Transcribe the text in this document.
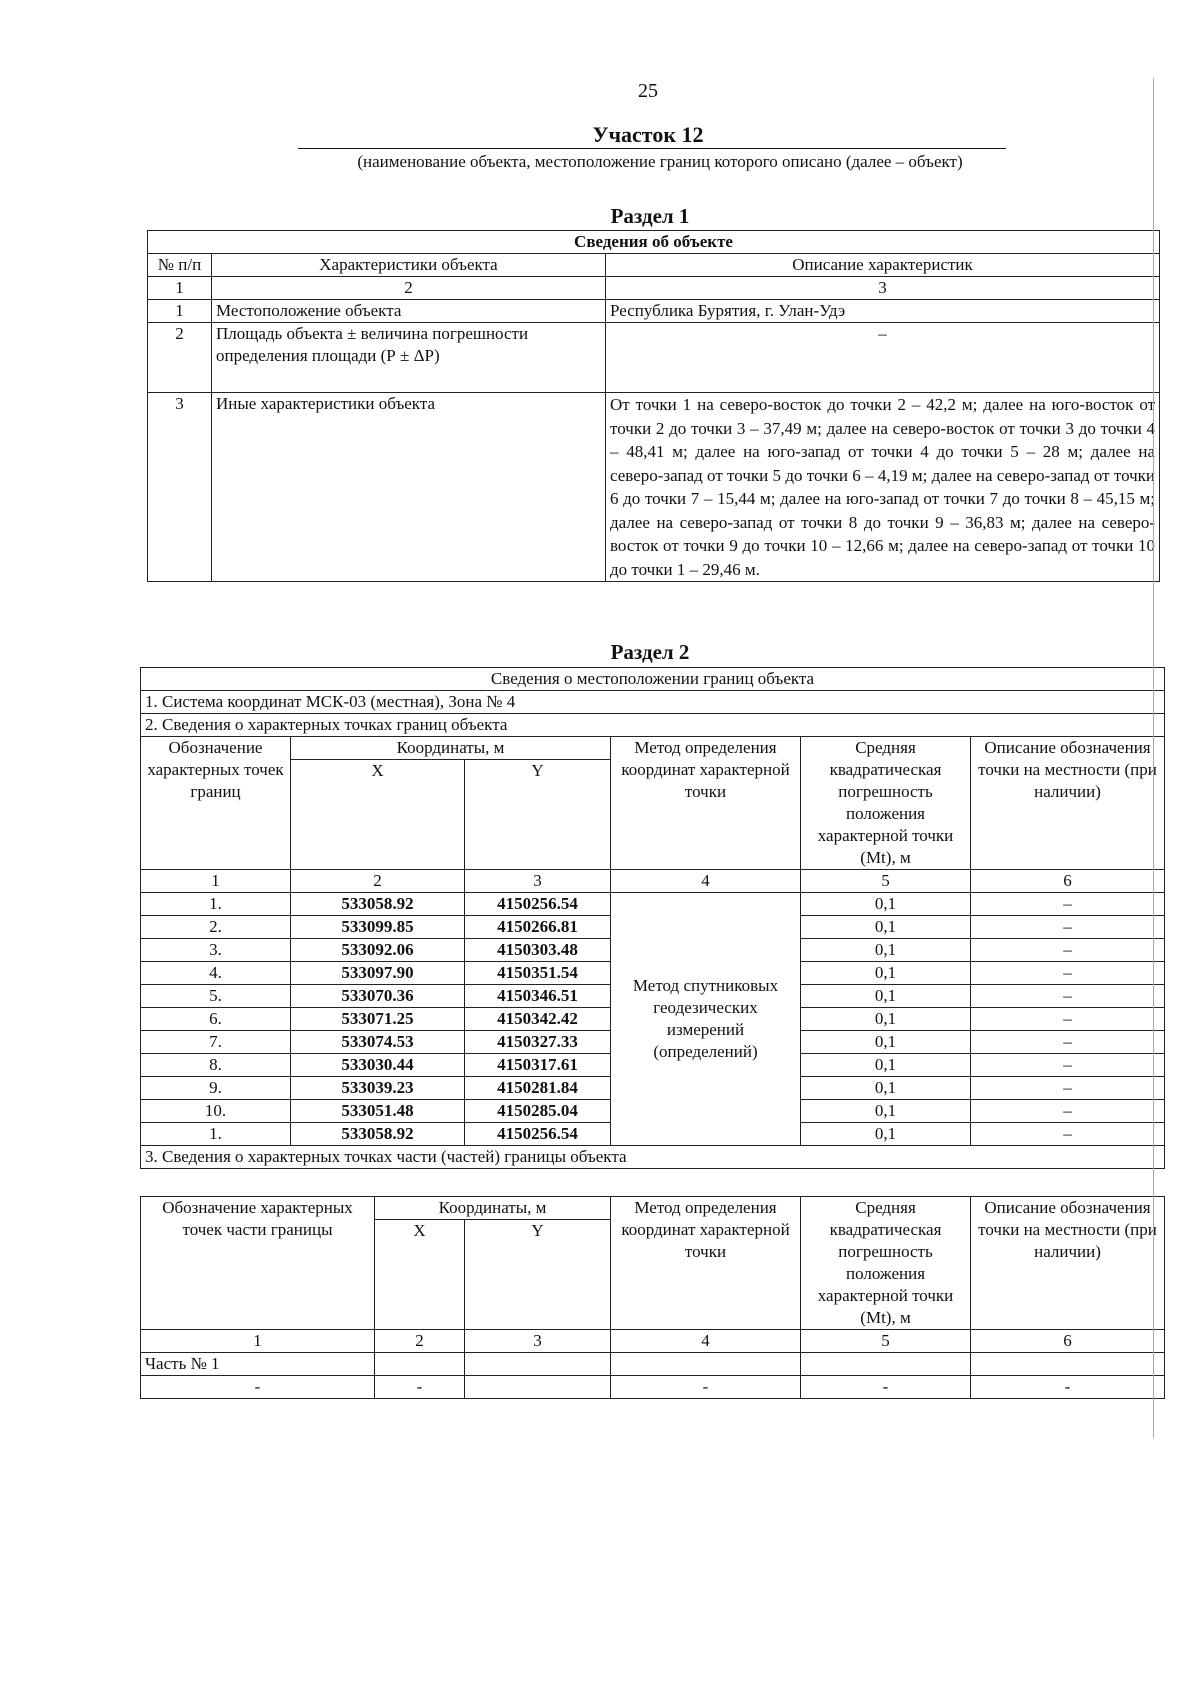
25
Участок 12
(наименование объекта, местоположение границ которого описано (далее – объект)
Раздел 1
Сведения об объекте		
№ п/п	Характеристики объекта	Описание характеристик
1	2	3
1	Местоположение объекта	Республика Бурятия, г. Улан-Удэ
2	Площадь объекта ± величина погрешности определения площади (Р ± ΔР)	–
3	Иные характеристики объекта	От точки 1 на северо-восток до точки 2 – 42,2 м; далее на юго-восток от точки 2 до точки 3 – 37,49 м; далее на северо-восток от точки 3 до точки 4 – 48,41 м; далее на юго-запад от точки 4 до точки 5 – 28 м; далее на северо-запад от точки 5 до точки 6 – 4,19 м; далее на северо-запад от точки 6 до точки 7 – 15,44 м; далее на юго-запад от точки 7 до точки 8 – 45,15 м; далее на северо-запад от точки 8 до точки 9 – 36,83 м; далее на северо-восток от точки 9 до точки 10 – 12,66 м; далее на северо-запад от точки 10 до точки 1 – 29,46 м.
Раздел 2
Сведения о местоположении границ объекта					
1. Система координат МСК-03 (местная), Зона № 4					
2. Сведения о характерных точках границ объекта					
Обозначение характерных точек границ	Координаты, м		Метод определения координат характерной точки	Средняя квадратическая погрешность положения характерной точки (Mt), м	Описание обозначения точки на местности (при наличии)
	X	Y			
1	2	3	4	5	6
1.	533058.92	4150256.54	Метод спутниковых геодезических измерений (определений)	0,1	–
2.	533099.85	4150266.81		0,1	–
3.	533092.06	4150303.48		0,1	–
4.	533097.90	4150351.54		0,1	–
5.	533070.36	4150346.51		0,1	–
6.	533071.25	4150342.42		0,1	–
7.	533074.53	4150327.33		0,1	–
8.	533030.44	4150317.61		0,1	–
9.	533039.23	4150281.84		0,1	–
10.	533051.48	4150285.04		0,1	–
1.	533058.92	4150256.54		0,1	–
3. Сведения о характерных точках части (частей) границы объекта					
Обозначение характерных точек части границы	Координаты, м		Метод определения координат характерной точки	Средняя квадратическая погрешность положения характерной точки (Mt), м	Описание обозначения точки на местности (при наличии)
	X	Y			
1	2	3	4	5	6
Часть № 1					
-	-		-	-	-
